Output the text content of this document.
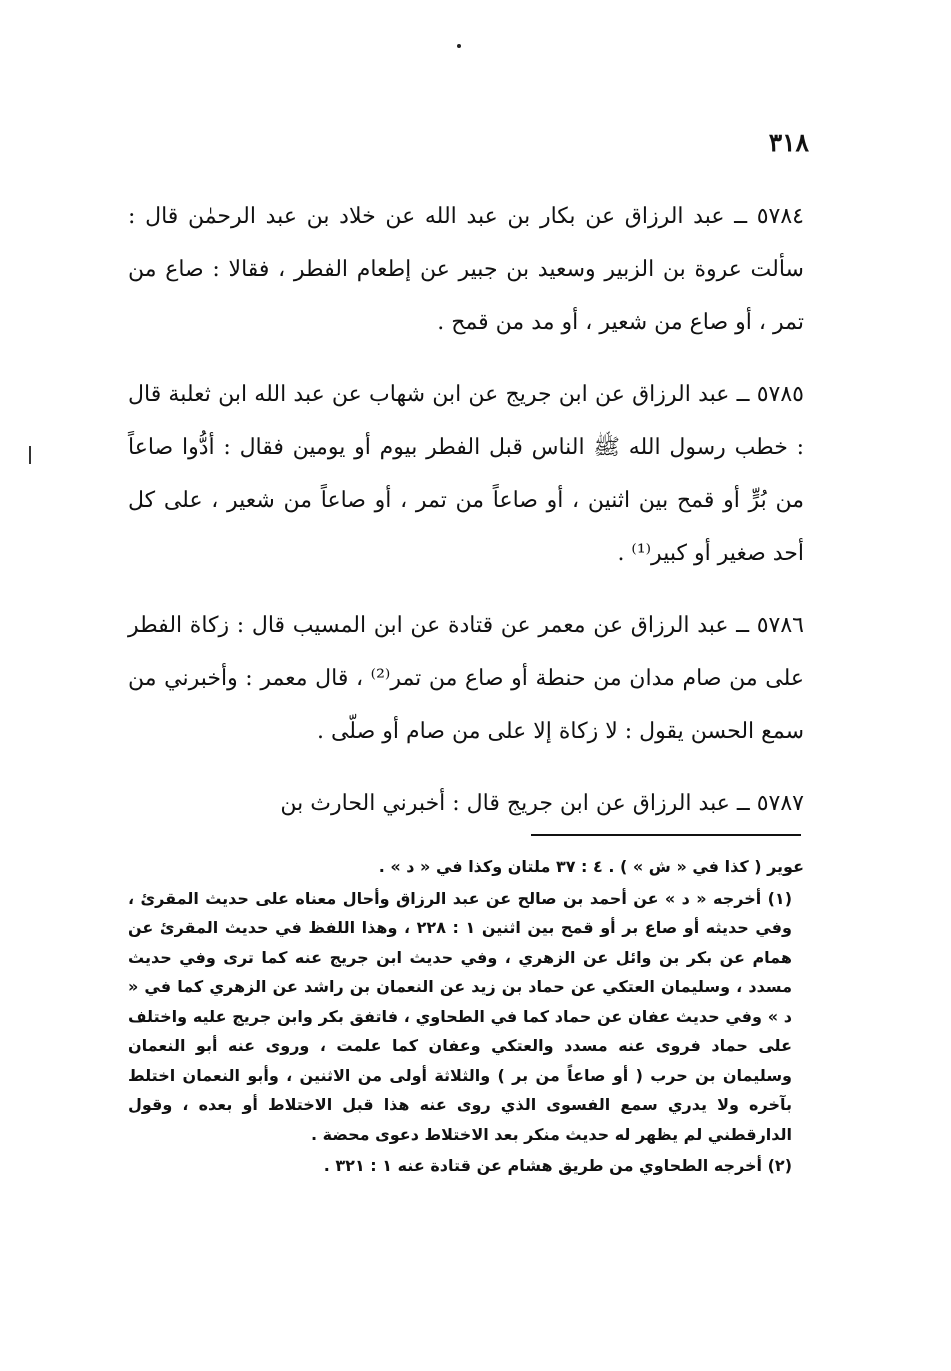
٣١٨

٥٧٨٤ ــ عبد الرزاق عن بكار بن عبد الله عن خلاد بن عبد الرحمٰن قال : سألت عروة بن الزبير وسعيد بن جبير عن إطعام الفطر ، فقالا : صاع من تمر ، أو صاع من شعير ، أو مد من قمح .

٥٧٨٥ ــ عبد الرزاق عن ابن جريج عن ابن شهاب عن عبد الله ابن ثعلبة قال : خطب رسول الله ﷺ الناس قبل الفطر بيوم أو يومين فقال : أدُّوا صاعاً من بُرٍّ أو قمح بين اثنين ، أو صاعاً من تمر ، أو صاعاً من شعير ، على كل أحد صغير أو كبير⁽¹⁾ .

٥٧٨٦ ــ عبد الرزاق عن معمر عن قتادة عن ابن المسيب قال : زكاة الفطر على من صام مدان من حنطة أو صاع من تمر⁽²⁾ ، قال معمر : وأخبرني من سمع الحسن يقول : لا زكاة إلا على من صام أو صلّى .

٥٧٨٧ ــ عبد الرزاق عن ابن جريج قال : أخبرني الحارث بن

عوير ( كذا في « ش » ) . ٤ : ٣٧ ملتان وكذا في « د » .

(١) أخرجه « د » عن أحمد بن صالح عن عبد الرزاق وأحال معناه على حديث المقرئ ، وفي حديثه أو صاع بر أو قمح بين اثنين ١ : ٢٢٨ ، وهذا اللفظ في حديث المقرئ عن همام عن بكر بن وائل عن الزهري ، وفي حديث ابن جريج عنه كما ترى وفي حديث مسدد ، وسليمان العتكي عن حماد بن زيد عن النعمان بن راشد عن الزهري كما في « د » وفي حديث عفان عن حماد كما في الطحاوي ، فاتفق بكر وابن جريج عليه واختلف على حماد فروى عنه مسدد والعتكي وعفان كما علمت ، وروى عنه أبو النعمان وسليمان بن حرب ( أو صاعاً من بر ) والثلاثة أولى من الاثنين ، وأبو النعمان اختلط بآخره ولا يدري سمع الفسوى الذي روى عنه هذا قبل الاختلاط أو بعده ، وقول الدارقطني لم يظهر له حديث منكر بعد الاختلاط دعوى محضة .

(٢) أخرجه الطحاوي من طريق هشام عن قتادة عنه ١ : ٣٢١ .
